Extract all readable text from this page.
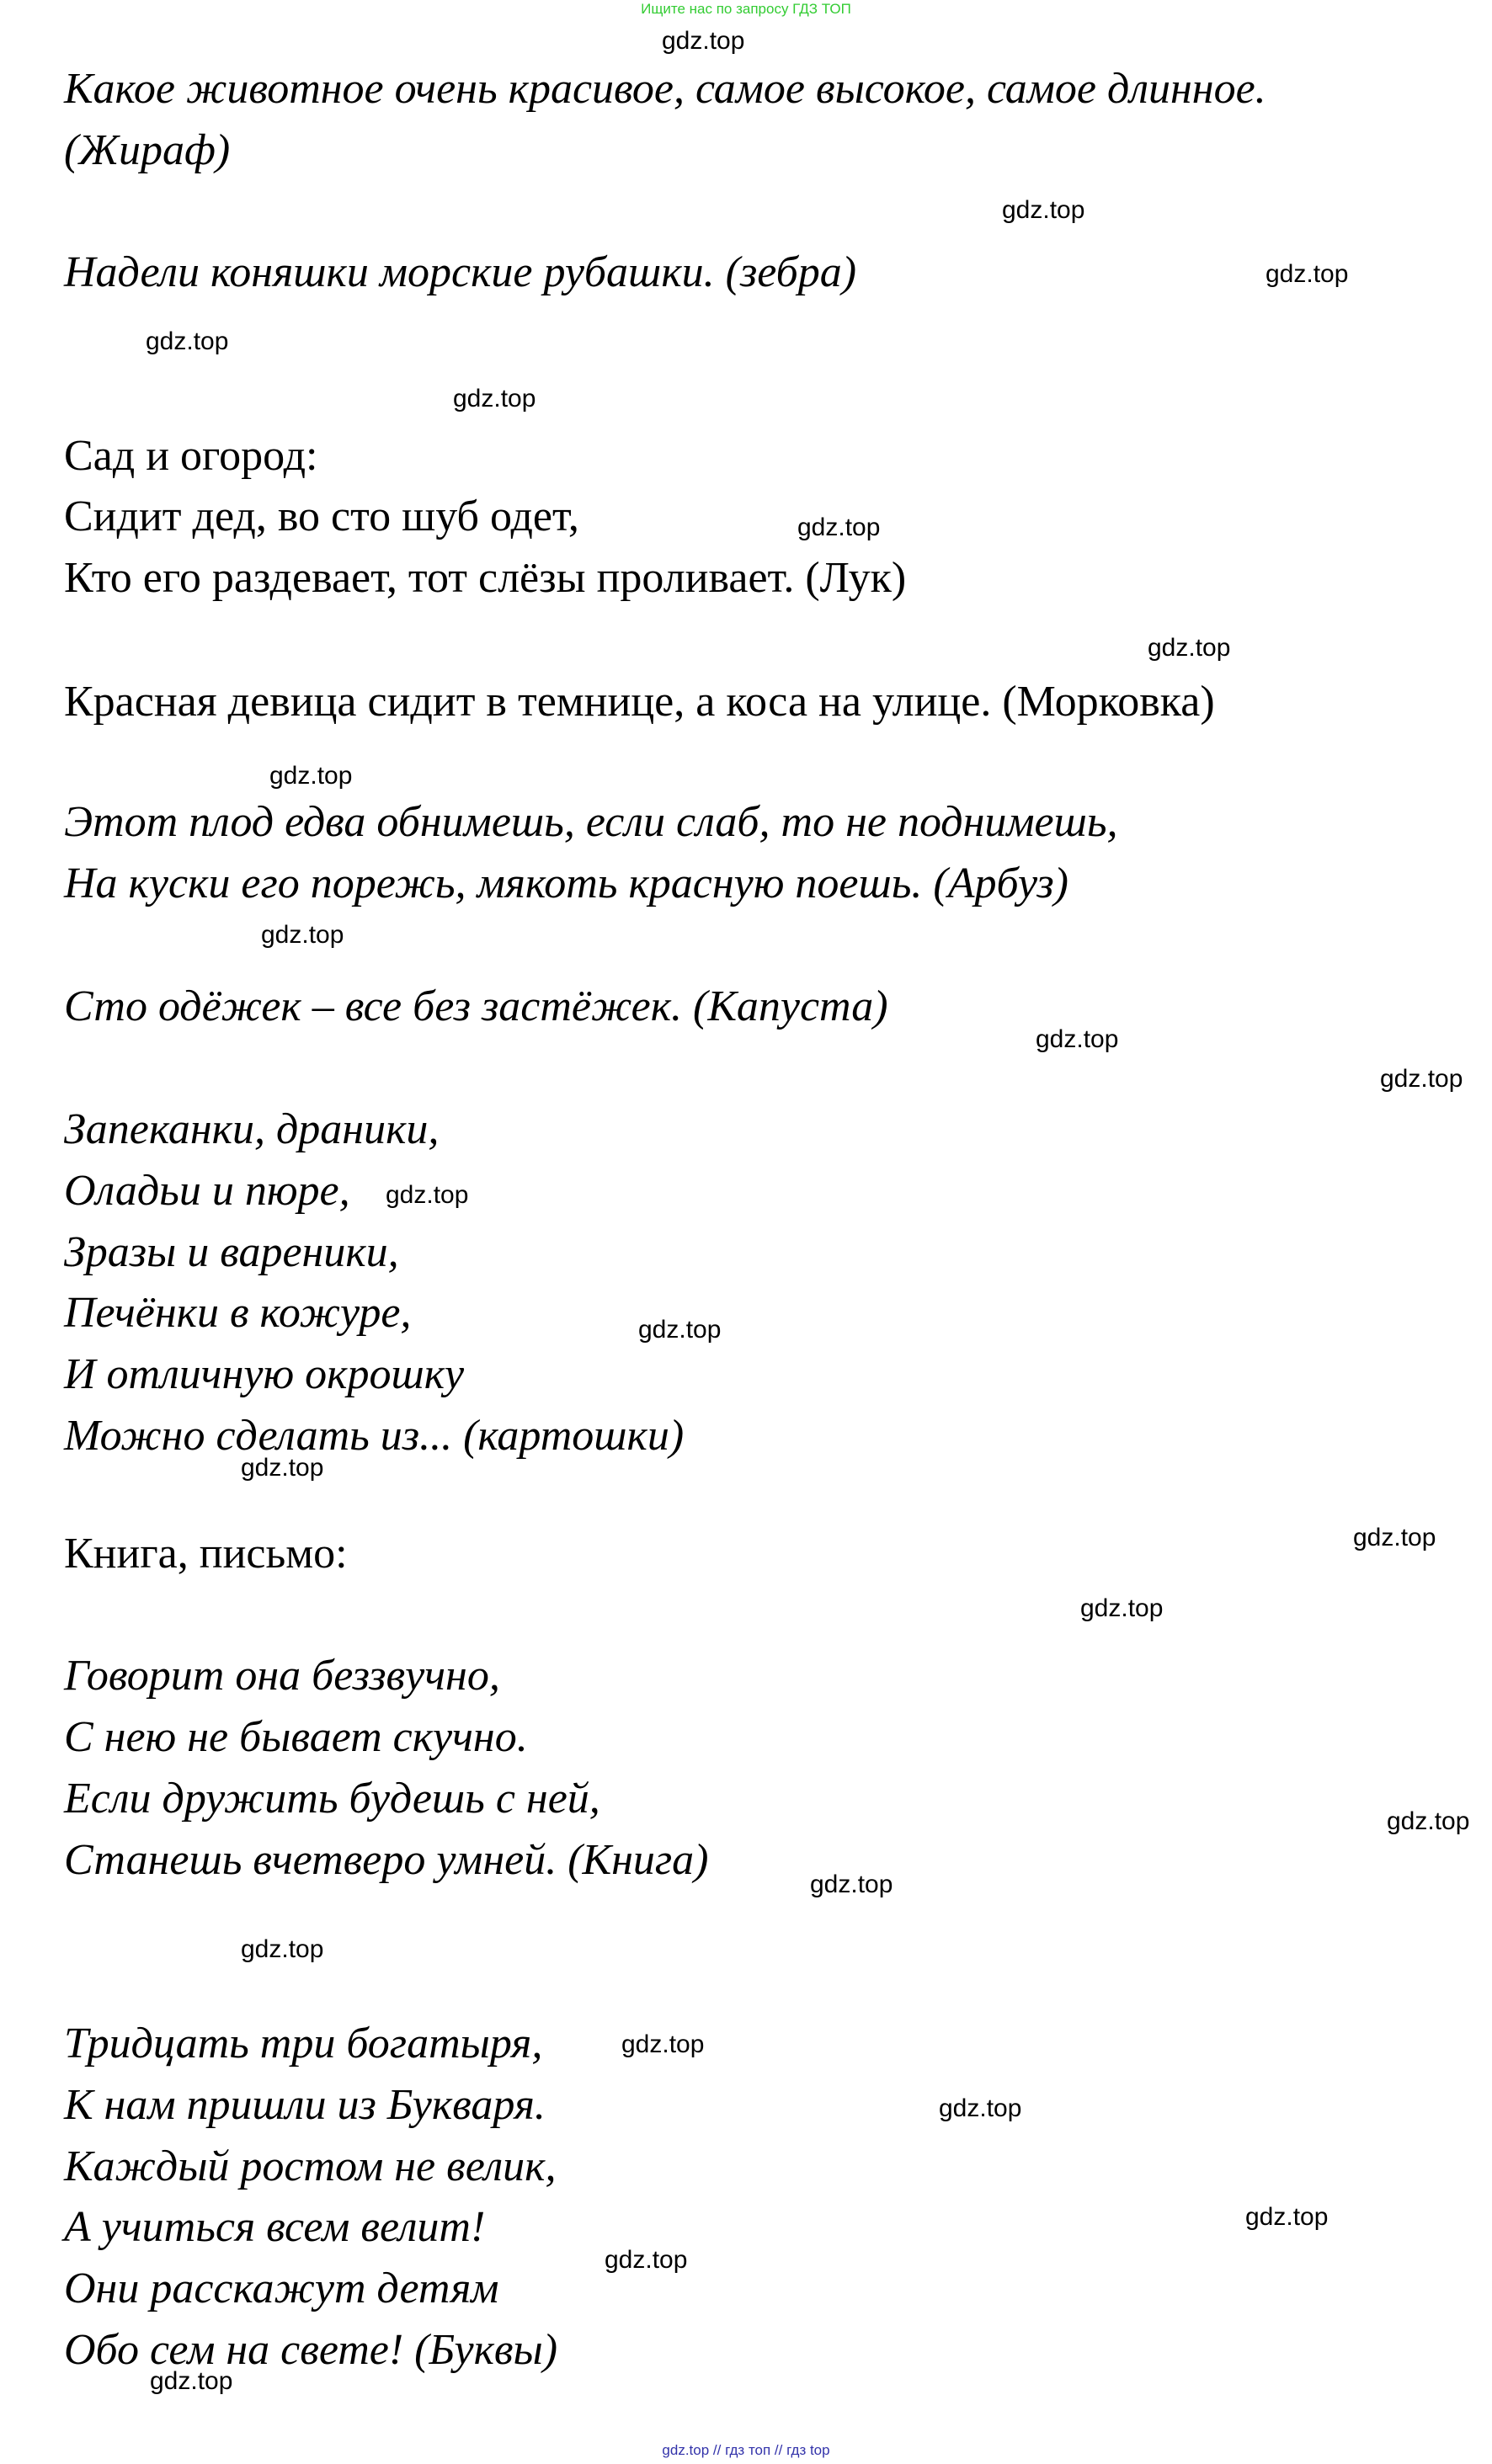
Ищите нас по запросу ГДЗ ТОП
Какое животное очень красивое, самое высокое, самое длинное.
(Жираф)
Надели коняшки морские рубашки. (зебра)
Сад и огород:
Сидит дед, во сто шуб одет,
Кто его раздевает, тот слёзы проливает. (Лук)
Красная девица сидит в темнице, а коса на улице. (Морковка)
Этот плод едва обнимешь, если слаб, то не поднимешь,
На куски его порежь, мякоть красную поешь. (Арбуз)
Сто одёжек – все без застёжек. (Капуста)
Запеканки, драники,
Оладьи и пюре,
Зразы и вареники,
Печёнки в кожуре,
И отличную окрошку
Можно сделать из... (картошки)
Книга, письмо:
Говорит она беззвучно,
С нею не бывает скучно.
Если дружить будешь с ней,
Станешь вчетверо умней. (Книга)
Тридцать три богатыря,
К нам пришли из Букваря.
Каждый ростом не велик,
А учиться всем велит!
Они расскажут детям
Обо сем на свете! (Буквы)
gdz.top
gdz.top
gdz.top
gdz.top
gdz.top
gdz.top
gdz.top
gdz.top
gdz.top
gdz.top
gdz.top
gdz.top
gdz.top
gdz.top
gdz.top
gdz.top
gdz.top
gdz.top
gdz.top
gdz.top
gdz.top
gdz.top
gdz.top
gdz.top
gdz.top // гдз топ // гдз top
